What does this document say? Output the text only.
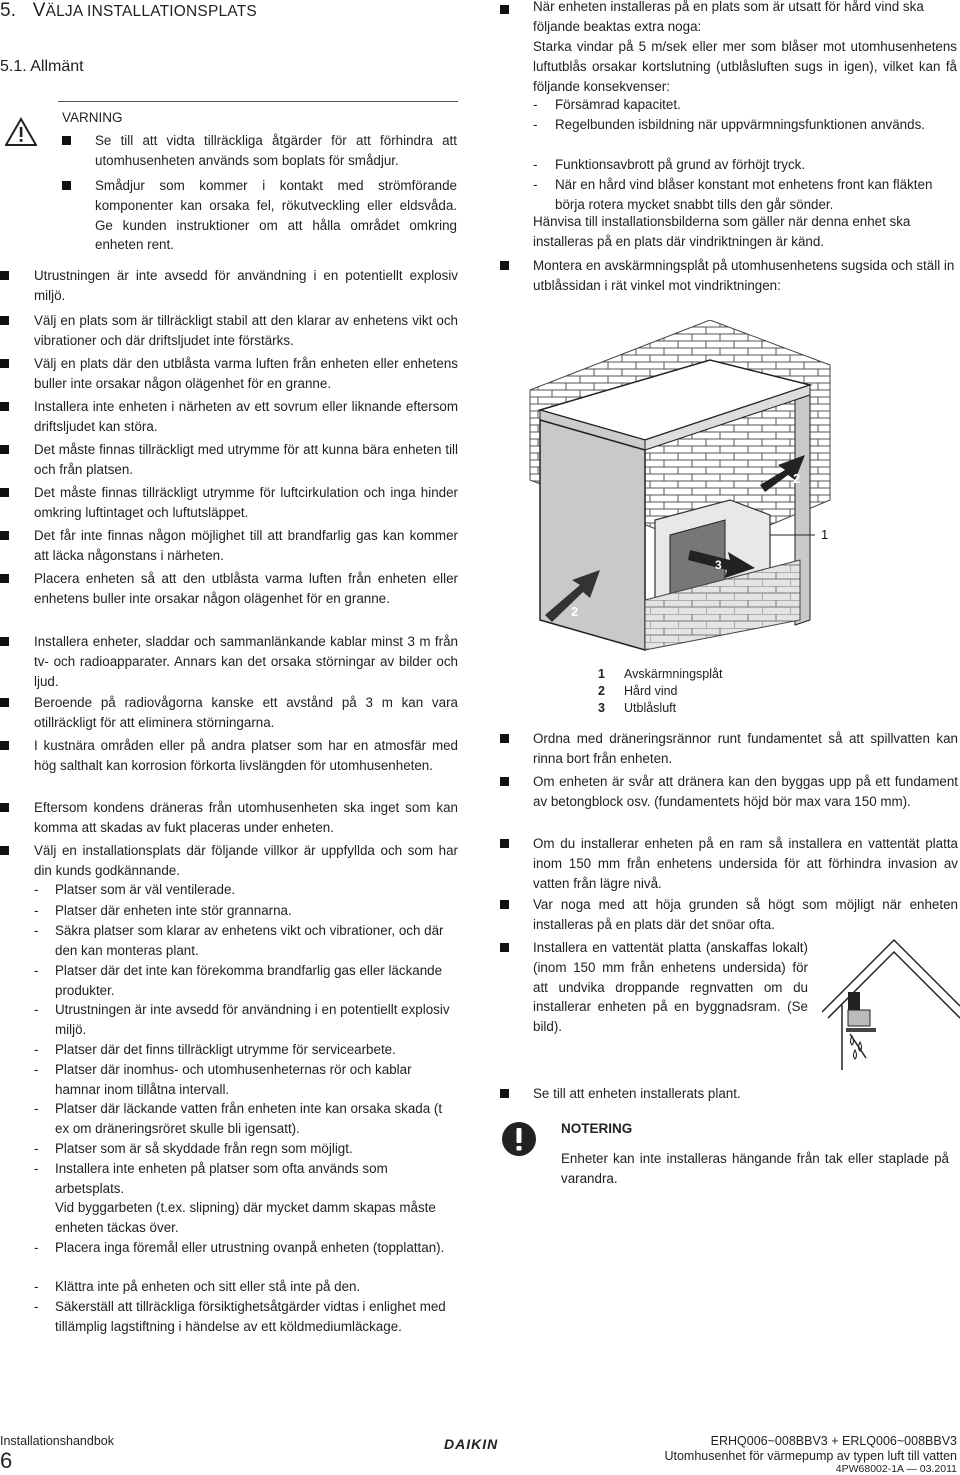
5. VÄLJA INSTALLATIONSPLATS
5.1. Allmänt
VARNING
Se till att vidta tillräckliga åtgärder för att förhindra att utomhusenheten används som boplats för smådjur.
Smådjur som kommer i kontakt med strömförande komponenter kan orsaka fel, rökutveckling eller eldsvåda. Ge kunden instruktioner om att hålla området omkring enheten rent.
Utrustningen är inte avsedd för användning i en potentiellt explosiv miljö.
Välj en plats som är tillräckligt stabil att den klarar av enhetens vikt och vibrationer och där driftsljudet inte förstärks.
Välj en plats där den utblåsta varma luften från enheten eller enhetens buller inte orsakar någon olägenhet för en granne.
Installera inte enheten i närheten av ett sovrum eller liknande eftersom driftsljudet kan störa.
Det måste finnas tillräckligt med utrymme för att kunna bära enheten till och från platsen.
Det måste finnas tillräckligt utrymme för luftcirkulation och inga hinder omkring luftintaget och luftutsläppet.
Det får inte finnas någon möjlighet till att brandfarlig gas kan kommer att läcka någonstans i närheten.
Placera enheten så att den utblåsta varma luften från enheten eller enhetens buller inte orsakar någon olägenhet för en granne.
Installera enheter, sladdar och sammanlänkande kablar minst 3 m från tv- och radioapparater. Annars kan det orsaka störningar av bilder och ljud.
Beroende på radiovågorna kanske ett avstånd på 3 m kan vara otillräckligt för att eliminera störningarna.
I kustnära områden eller på andra platser som har en atmosfär med hög salthalt kan korrosion förkorta livslängden för utomhusenheten.
Eftersom kondens dräneras från utomhusenheten ska inget som kan komma att skadas av fukt placeras under enheten.
Välj en installationsplats där följande villkor är uppfyllda och som har din kunds godkännande.
-	Platser som är väl ventilerade.
-	Platser där enheten inte stör grannarna.
-	Säkra platser som klarar av enhetens vikt och vibrationer, och där den kan monteras plant.
-	Platser där det inte kan förekomma brandfarlig gas eller läckande produkter.
-	Utrustningen är inte avsedd för användning i en potentiellt explosiv miljö.
-	Platser där det finns tillräckligt utrymme för servicearbete.
-	Platser där inomhus- och utomhusenheternas rör och kablar hamnar inom tillåtna intervall.
-	Platser där läckande vatten från enheten inte kan orsaka skada (t ex om dräneringsröret skulle bli igensatt).
-	Platser som är så skyddade från regn som möjligt.
-	Installera inte enheten på platser som ofta används som arbetsplats.
Vid byggarbeten (t.ex. slipning) där mycket damm skapas måste enheten täckas över.
-	Placera inga föremål eller utrustning ovanpå enheten (topplattan).
-	Klättra inte på enheten och sitt eller stå inte på den.
-	Säkerställ att tillräckliga försiktighetsåtgärder vidtas i enlighet med tillämplig lagstiftning i händelse av ett köldmediumläckage.
När enheten installeras på en plats som är utsatt för hård vind ska följande beaktas extra noga:
Starka vindar på 5 m/sek eller mer som blåser mot utomhusenhetens luftutblås orsakar kortslutning (utblåsluften sugs in igen), vilket kan få följande konsekvenser:
-	Försämrad kapacitet.
-	Regelbunden isbildning när uppvärmningsfunktionen används.
-	Funktionsavbrott på grund av förhöjt tryck.
-	När en hård vind blåser konstant mot enhetens front kan fläkten börja rotera mycket snabbt tills den går sönder.
Hänvisa till installationsbilderna som gäller när denna enhet ska installeras på en plats där vindriktningen är känd.
Montera en avskärmningsplåt på utomhusenhetens sugsida och ställ in utblåssidan i rät vinkel mot vindriktningen:
1
2
2
3
1 Avskärmningsplåt
2 Hård vind
3 Utblåsluft
Ordna med dräneringsrännor runt fundamentet så att spillvatten kan rinna bort från enheten.
Om enheten är svår att dränera kan den byggas upp på ett fundament av betongblock osv. (fundamentets höjd bör max vara 150 mm).
Om du installerar enheten på en ram så installera en vattentät platta inom 150 mm från enhetens undersida för att förhindra invasion av vatten från lägre nivå.
Var noga med att höja grunden så högt som möjligt när enheten installeras på en plats där det snöar ofta.
Installera en vattentät platta (anskaffas lokalt)(inom 150 mm från enhetens undersida) för att undvika droppande regnvatten om du installerar enheten på en byggnadsram. (Se bild).
Se till att enheten installerats plant.
NOTERING
Enheter kan inte installeras hängande från tak eller staplade på varandra.
Installationshandbok
6
DAIKIN	ERHQ006~008BBV3 + ERLQ006~008BBV3
Utomhusenhet för värmepump av typen luft till vatten
4PW68002-1A — 03.2011
